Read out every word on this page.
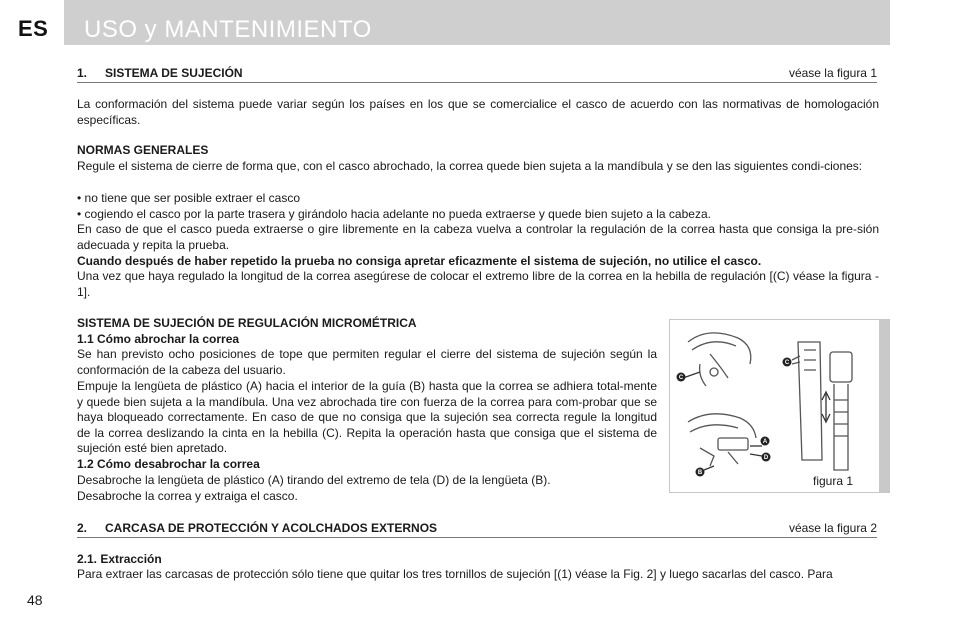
ES USO y MANTENIMIENTO
1. SISTEMA DE SUJECIÓN	véase la figura 1
La conformación del sistema puede variar según los países en los que se comercialice el casco de acuerdo con las normativas de homologación específicas.
NORMAS GENERALES
Regule el sistema de cierre de forma que, con el casco abrochado, la correa quede bien sujeta a la mandíbula y se den las siguientes condi-ciones:
• no tiene que ser posible extraer el casco
• cogiendo el casco por la parte trasera y girándolo hacia adelante no pueda extraerse y quede bien sujeto a la cabeza.
En caso de que el casco pueda extraerse o gire libremente en la cabeza vuelva a controlar la regulación de la correa hasta que consiga la pre-sión adecuada y repita la prueba.
Cuando después de haber repetido la prueba no consiga apretar eficazmente el sistema de sujeción, no utilice el casco.
Una vez que haya regulado la longitud de la correa asegúrese de colocar el extremo libre de la correa en la hebilla de regulación [(C) véase la figura - 1].
SISTEMA DE SUJECIÓN DE REGULACIÓN MICROMÉTRICA
1.1 Cómo abrochar la correa
Se han previsto ocho posiciones de tope que permiten regular el cierre del sistema de sujeción según la conformación de la cabeza del usuario.
Empuje la lengüeta de plástico (A) hacia el interior de la guía (B) hasta que la correa se adhiera total-mente y quede bien sujeta a la mandíbula. Una vez abrochada tire con fuerza de la correa para com-probar que se haya bloqueado correctamente. En caso de que no consiga que la sujeción sea correcta regule la longitud de la correa deslizando la cinta en la hebilla (C). Repita la operación hasta que consiga que el sistema de sujeción esté bien apretado.
1.2 Cómo desabrochar la correa
Desabroche la lengüeta de plástico (A) tirando del extremo de tela (D) de la lengüeta (B).
Desabroche la correa y extraiga el casco.
C
C
A
D
B
figura 1
2. CARCASA DE PROTECCIÓN Y ACOLCHADOS EXTERNOS	véase la figura 2
2.1. Extracción
Para extraer las carcasas de protección sólo tiene que quitar los tres tornillos de sujeción [(1) véase la Fig. 2] y luego sacarlas del casco. Para
48
